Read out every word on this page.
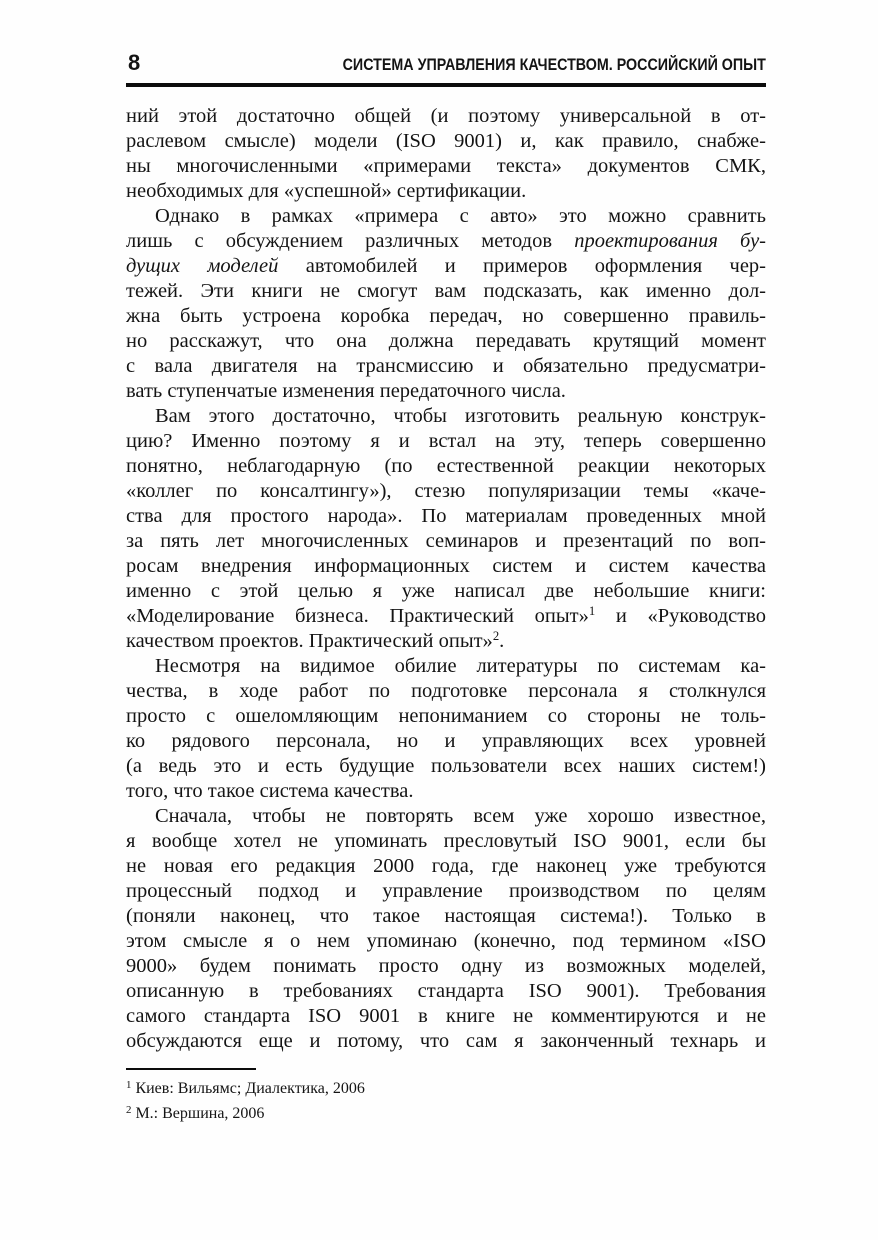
8	СИСТЕМА УПРАВЛЕНИЯ КАЧЕСТВОМ. РОССИЙСКИЙ ОПЫТ
ний этой достаточно общей (и поэтому универсальной в от-
раслевом смысле) модели (ISO 9001) и, как правило, снабже-
ны многочисленными «примерами текста» документов СМК,
необходимых для «успешной» сертификации.
Однако в рамках «примера с авто» это можно сравнить
лишь с обсуждением различных методов проектирования бу-
дущих моделей автомобилей и примеров оформления чер-
тежей. Эти книги не смогут вам подсказать, как именно дол-
жна быть устроена коробка передач, но совершенно правиль-
но расскажут, что она должна передавать крутящий момент
с вала двигателя на трансмиссию и обязательно предусматри-
вать ступенчатые изменения передаточного числа.
Вам этого достаточно, чтобы изготовить реальную конструк-
цию? Именно поэтому я и встал на эту, теперь совершенно
понятно, неблагодарную (по естественной реакции некоторых
«коллег по консалтингу»), стезю популяризации темы «каче-
ства для простого народа». По материалам проведенных мной
за пять лет многочисленных семинаров и презентаций по воп-
росам внедрения информационных систем и систем качества
именно с этой целью я уже написал две небольшие книги:
«Моделирование бизнеса. Практический опыт»$^1$ и «Руководство
качеством проектов. Практический опыт»$^2$.
Несмотря на видимое обилие литературы по системам ка-
чества, в ходе работ по подготовке персонала я столкнулся
просто с ошеломляющим непониманием со стороны не толь-
ко рядового персонала, но и управляющих всех уровней
(а ведь это и есть будущие пользователи всех наших систем!)
того, что такое система качества.
Сначала, чтобы не повторять всем уже хорошо известное,
я вообще хотел не упоминать пресловутый ISO 9001, если бы
не новая его редакция 2000 года, где наконец уже требуются
процессный подход и управление производством по целям
(поняли наконец, что такое настоящая система!). Только в
этом смысле я о нем упоминаю (конечно, под термином «ISO
9000» будем понимать просто одну из возможных моделей,
описанную в требованиях стандарта ISO 9001). Требования
самого стандарта ISO 9001 в книге не комментируются и не
обсуждаются еще и потому, что сам я законченный технарь и
$^1$ Киев: Вильямс; Диалектика, 2006
$^2$ М.: Вершина, 2006
